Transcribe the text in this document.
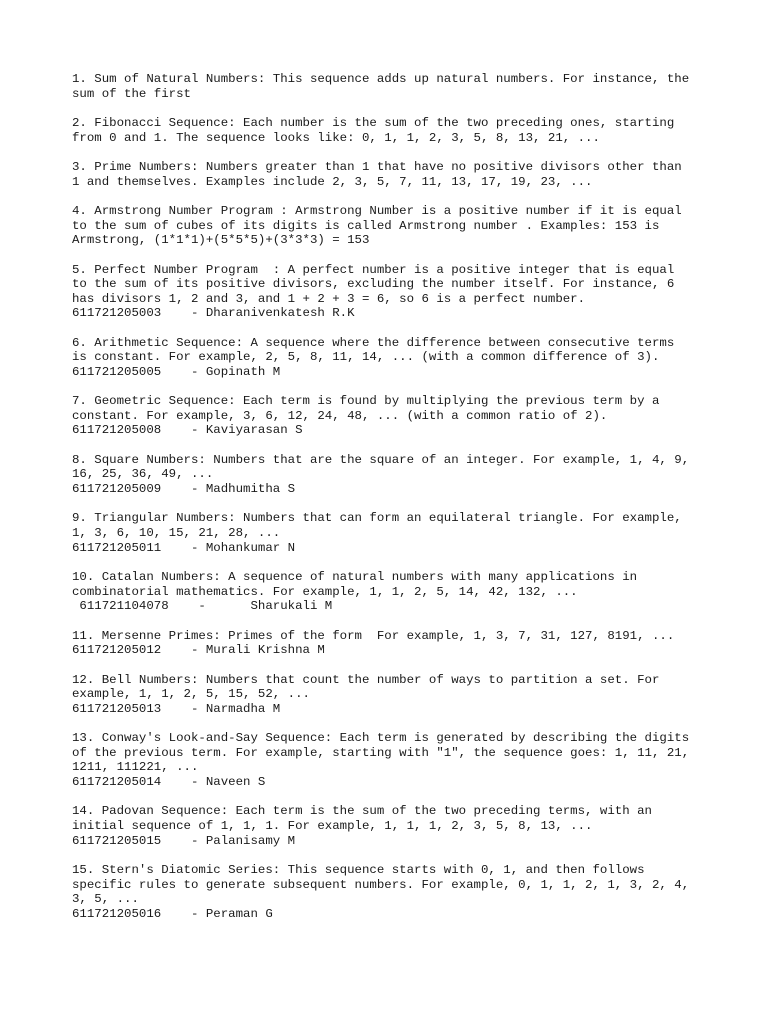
1. Sum of Natural Numbers: This sequence adds up natural numbers. For instance, the
sum of the first
2. Fibonacci Sequence: Each number is the sum of the two preceding ones, starting
from 0 and 1. The sequence looks like: 0, 1, 1, 2, 3, 5, 8, 13, 21, ...
3. Prime Numbers: Numbers greater than 1 that have no positive divisors other than
1 and themselves. Examples include 2, 3, 5, 7, 11, 13, 17, 19, 23, ...
4. Armstrong Number Program : Armstrong Number is a positive number if it is equal
to the sum of cubes of its digits is called Armstrong number . Examples: 153 is
Armstrong, (1*1*1)+(5*5*5)+(3*3*3) = 153
5. Perfect Number Program  : A perfect number is a positive integer that is equal
to the sum of its positive divisors, excluding the number itself. For instance, 6
has divisors 1, 2 and 3, and 1 + 2 + 3 = 6, so 6 is a perfect number.
611721205003    - Dharanivenkatesh R.K
6. Arithmetic Sequence: A sequence where the difference between consecutive terms
is constant. For example, 2, 5, 8, 11, 14, ... (with a common difference of 3).
611721205005    - Gopinath M
7. Geometric Sequence: Each term is found by multiplying the previous term by a
constant. For example, 3, 6, 12, 24, 48, ... (with a common ratio of 2).
611721205008    - Kaviyarasan S
8. Square Numbers: Numbers that are the square of an integer. For example, 1, 4, 9,
16, 25, 36, 49, ...
611721205009    - Madhumitha S
9. Triangular Numbers: Numbers that can form an equilateral triangle. For example,
1, 3, 6, 10, 15, 21, 28, ...
611721205011    - Mohankumar N
10. Catalan Numbers: A sequence of natural numbers with many applications in
combinatorial mathematics. For example, 1, 1, 2, 5, 14, 42, 132, ...
611721104078    -      Sharukali M
11. Mersenne Primes: Primes of the form  For example, 1, 3, 7, 31, 127, 8191, ...
611721205012    - Murali Krishna M
12. Bell Numbers: Numbers that count the number of ways to partition a set. For
example, 1, 1, 2, 5, 15, 52, ...
611721205013    - Narmadha M
13. Conway's Look-and-Say Sequence: Each term is generated by describing the digits
of the previous term. For example, starting with "1", the sequence goes: 1, 11, 21,
1211, 111221, ...
611721205014    - Naveen S
14. Padovan Sequence: Each term is the sum of the two preceding terms, with an
initial sequence of 1, 1, 1. For example, 1, 1, 1, 2, 3, 5, 8, 13, ...
611721205015    - Palanisamy M
15. Stern's Diatomic Series: This sequence starts with 0, 1, and then follows
specific rules to generate subsequent numbers. For example, 0, 1, 1, 2, 1, 3, 2, 4,
3, 5, ...
611721205016    - Peraman G
